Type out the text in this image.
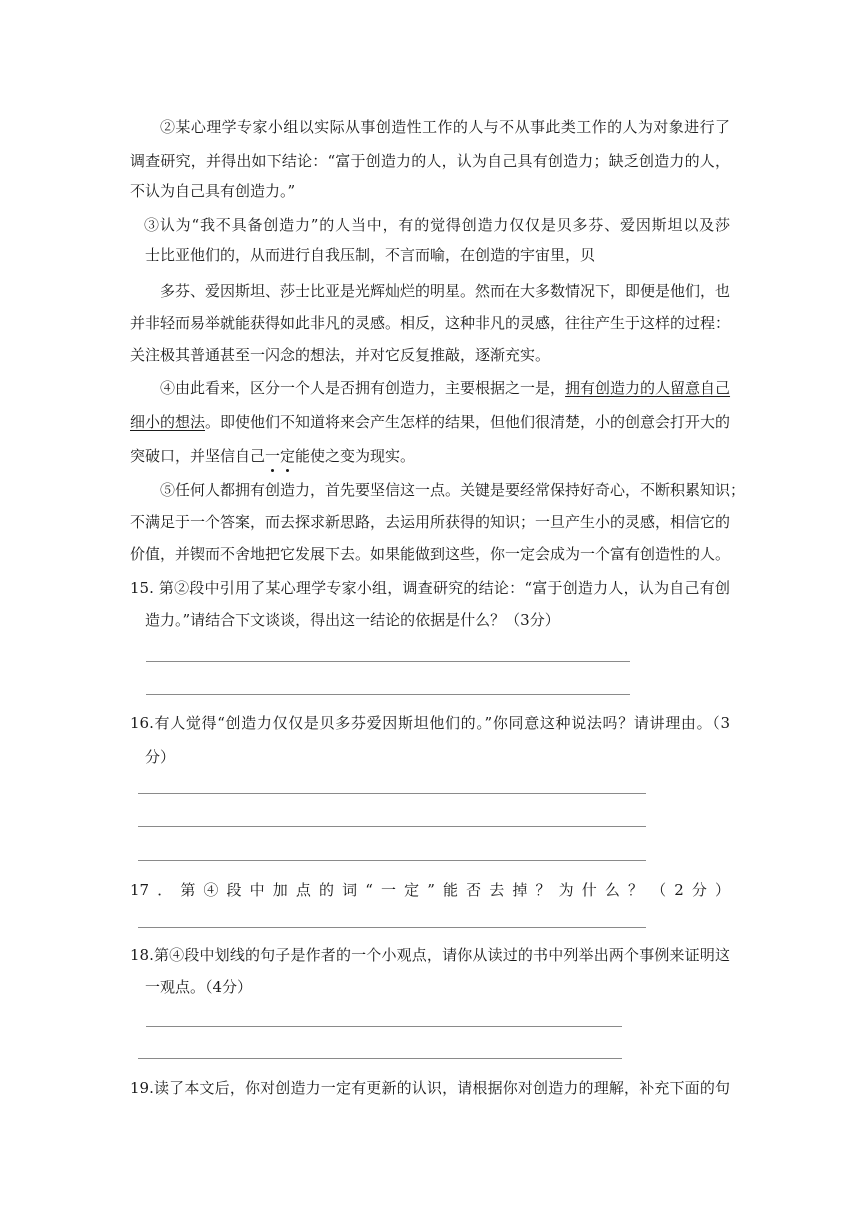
②某心理学专家小组以实际从事创造性工作的人与不从事此类工作的人为对象进行了
调查研究，并得出如下结论：“富于创造力的人，认为自己具有创造力；缺乏创造力的人，
不认为自己具有创造力。”
③认为“我不具备创造力”的人当中，有的觉得创造力仅仅是贝多芬、爱因斯坦以及莎
士比亚他们的，从而进行自我压制，不言而喻，在创造的宇宙里，贝
多芬、爱因斯坦、莎士比亚是光辉灿烂的明星。然而在大多数情况下，即便是他们，也
并非轻而易举就能获得如此非凡的灵感。相反，这种非凡的灵感，往往产生于这样的过程：
关注极其普通甚至一闪念的想法，并对它反复推敲，逐渐充实。
④由此看来，区分一个人是否拥有创造力，主要根据之一是，拥有创造力的人留意自己
细小的想法。即使他们不知道将来会产生怎样的结果，但他们很清楚，小的创意会打开大的
突破口，并坚信自己一定能使之变为现实。
⑤任何人都拥有创造力，首先要坚信这一点。关键是要经常保持好奇心，不断积累知识；
不满足于一个答案，而去探求新思路，去运用所获得的知识；一旦产生小的灵感，相信它的
价值，并锲而不舍地把它发展下去。如果能做到这些，你一定会成为一个富有创造性的人。
15. 第②段中引用了某心理学专家小组，调查研究的结论：“富于创造力人，认为自己有创
造力。”请结合下文谈谈，得出这一结论的依据是什么？（3分）
16.有人觉得“创造力仅仅是贝多芬爱因斯坦他们的。”你同意这种说法吗？请讲理由。（3
分）
17．第④段中加点的词“一定”能否去掉？为什么？（2分）
18.第④段中划线的句子是作者的一个小观点，请你从读过的书中列举出两个事例来证明这
一观点。（4分）
19.读了本文后，你对创造力一定有更新的认识，请根据你对创造力的理解，补充下面的句
